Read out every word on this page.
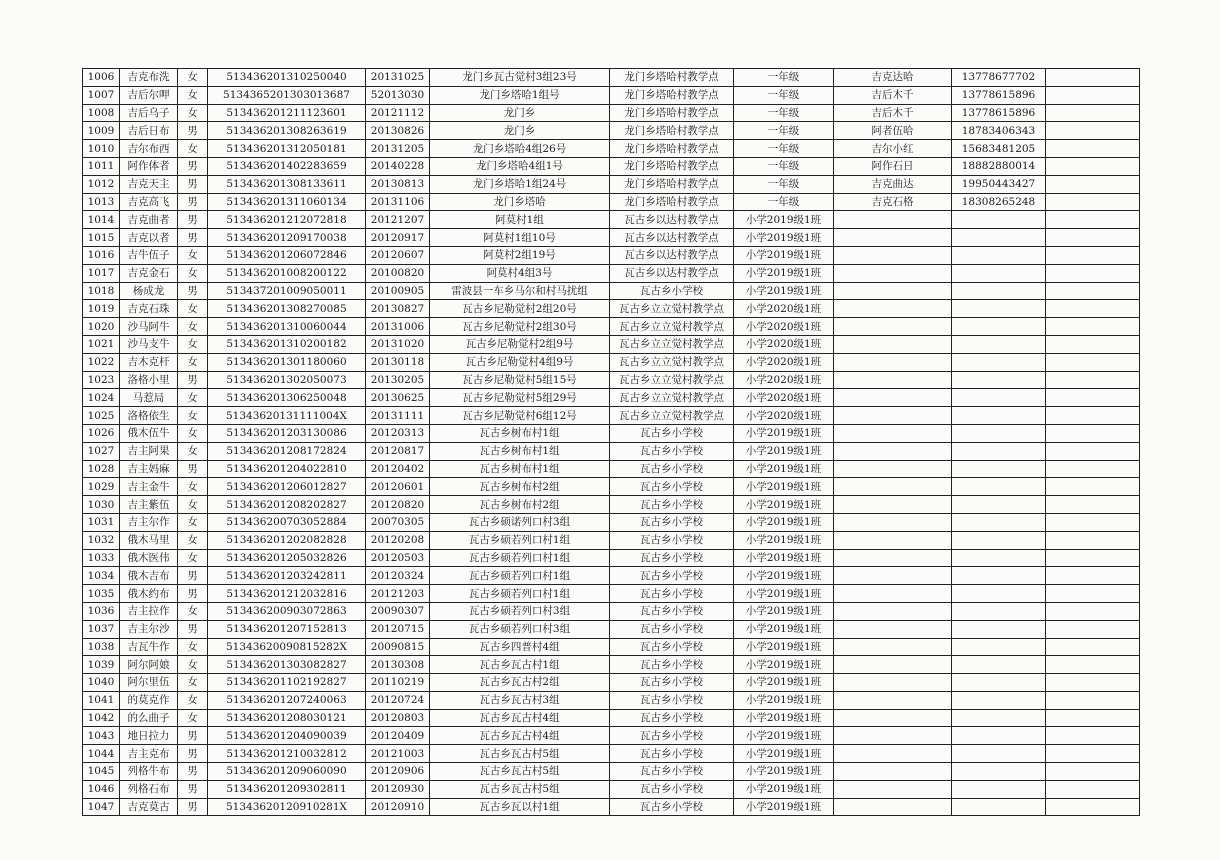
1006	吉克布洗	女	513436201310250040	20131025	龙门乡瓦古觉村3组23号	龙门乡塔哈村教学点	一年级	吉克达哈	13778677702	
1007	吉后尔呷	女	513436520130301368​7	52013030	龙门乡塔哈1组号	龙门乡塔哈村教学点	一年级	吉后木千	13778615896	
1008	吉后乌子	女	513436201211123601	20121112	龙门乡	龙门乡塔哈村教学点	一年级	吉后木千	13778615896	
1009	吉后日布	男	513436201308263619	20130826	龙门乡	龙门乡塔哈村教学点	一年级	阿者伍哈	18783406343	
1010	吉尔布西	女	513436201312050181	20131205	龙门乡塔哈4组26号	龙门乡塔哈村教学点	一年级	吉尔小红	15683481205	
1011	阿作体者	男	513436201402283659	20140228	龙门乡塔哈4组1号	龙门乡塔哈村教学点	一年级	阿作石日	18882880014	
1012	吉克天主	男	513436201308133611	20130813	龙门乡塔哈1组24号	龙门乡塔哈村教学点	一年级	吉克曲达	19950443427	
1013	吉克高飞	男	513436201311060134	20131106	龙门乡塔哈	龙门乡塔哈村教学点	一年级	吉克石格	18308265248	
1014	吉克曲者	男	513436201212072818	20121207	阿莫村1组	瓦古乡以达村教学点	小学2019级1班			
1015	吉克以者	男	513436201209170038	20120917	阿莫村1组10号	瓦古乡以达村教学点	小学2019级1班			
1016	吉牛伍子	女	513436201206072846	20120607	阿莫村2组19号	瓦古乡以达村教学点	小学2019级1班			
1017	吉克金石	女	513436201008200122	20100820	阿莫村4组3号	瓦古乡以达村教学点	小学2019级1班			
1018	杨成龙	男	513437201009050011	20100905	雷波县一车乡马尔和村马扰组	瓦古乡小学校	小学2019级1班			
1019	吉克石珠	女	513436201308270085	20130827	瓦古乡尼勒觉村2组20号	瓦古乡立立觉村教学点	小学2020级1班			
1020	沙马阿牛	女	513436201310060044	20131006	瓦古乡尼勒觉村2组30号	瓦古乡立立觉村教学点	小学2020级1班			
1021	沙马支牛	女	513436201310200182	20131020	瓦古乡尼勒觉村2组9号	瓦古乡立立觉村教学点	小学2020级1班			
1022	吉木克杆	女	513436201301180060	20130118	瓦古乡尼勒觉村4组9号	瓦古乡立立觉村教学点	小学2020级1班			
1023	洛格小里	男	513436201302050073	20130205	瓦古乡尼勒觉村5组15号	瓦古乡立立觉村教学点	小学2020级1班			
1024	马惹局	女	513436201306250048	20130625	瓦古乡尼勒觉村5组29号	瓦古乡立立觉村教学点	小学2020级1班			
1025	洛格依生	女	51343620131111004X	20131111	瓦古乡尼勒觉村6组12号	瓦古乡立立觉村教学点	小学2020级1班			
1026	俄木伍牛	女	513436201203130086	20120313	瓦古乡树布村1组	瓦古乡小学校	小学2019级1班			
1027	吉主阿果	女	513436201208172824	20120817	瓦古乡树布村1组	瓦古乡小学校	小学2019级1班			
1028	吉主妈麻	男	513436201204022810	20120402	瓦古乡树布村1组	瓦古乡小学校	小学2019级1班			
1029	吉主金牛	女	513436201206012827	20120601	瓦古乡树布村2组	瓦古乡小学校	小学2019级1班			
1030	吉主紫伍	女	513436201208202827	20120820	瓦古乡树布村2组	瓦古乡小学校	小学2019级1班			
1031	吉主尔作	女	513436200703052884	20070305	瓦古乡硕诺列口村3组	瓦古乡小学校	小学2019级1班			
1032	俄木马里	女	513436201202082828	20120208	瓦古乡硕若列口村1组	瓦古乡小学校	小学2019级1班			
1033	俄木医伟	女	513436201205032826	20120503	瓦古乡硕若列口村1组	瓦古乡小学校	小学2019级1班			
1034	俄木吉布	男	513436201203242811	20120324	瓦古乡硕若列口村1组	瓦古乡小学校	小学2019级1班			
1035	俄木约布	男	513436201212032816	20121203	瓦古乡硕若列口村1组	瓦古乡小学校	小学2019级1班			
1036	吉主拉作	女	513436200903072863	20090307	瓦古乡硕若列口村3组	瓦古乡小学校	小学2019级1班			
1037	吉主尔沙	男	513436201207152813	20120715	瓦古乡硕若列口村3组	瓦古乡小学校	小学2019级1班			
1038	吉瓦牛作	女	51343620090815282X	20090815	瓦古乡四普村4组	瓦古乡小学校	小学2019级1班			
1039	阿尔阿娘	女	513436201303082827	20130308	瓦古乡瓦古村1组	瓦古乡小学校	小学2019级1班			
1040	阿尔里伍	女	513436201102192827	20110219	瓦古乡瓦古村2组	瓦古乡小学校	小学2019级1班			
1041	的莫克作	女	513436201207240063	20120724	瓦古乡瓦古村3组	瓦古乡小学校	小学2019级1班			
1042	的么曲子	女	513436201208030121	20120803	瓦古乡瓦古村4组	瓦古乡小学校	小学2019级1班			
1043	地日拉力	男	513436201204090039	20120409	瓦古乡瓦古村4组	瓦古乡小学校	小学2019级1班			
1044	吉主克布	男	513436201210032812	20121003	瓦古乡瓦古村5组	瓦古乡小学校	小学2019级1班			
1045	列格牛布	男	513436201209060090	20120906	瓦古乡瓦古村5组	瓦古乡小学校	小学2019级1班			
1046	列格石布	男	513436201209302811	20120930	瓦古乡瓦古村5组	瓦古乡小学校	小学2019级1班			
1047	吉克莫古	男	51343620120910281X	20120910	瓦古乡瓦以村1组	瓦古乡小学校	小学2019级1班			
